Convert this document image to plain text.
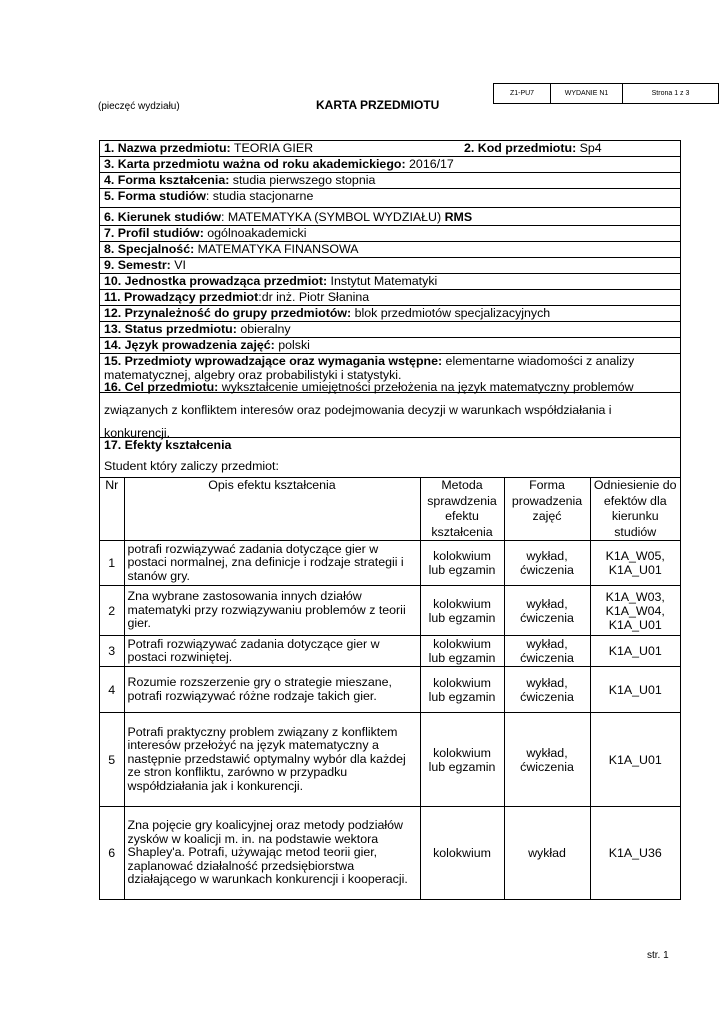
Z1-PU7	WYDANIE N1	Strona 1 z 3
(pieczęć wydziału)	KARTA PRZEDMIOTU
1. Nazwa przedmiotu: TEORIA GIER	2. Kod przedmiotu: Sp4
3. Karta przedmiotu ważna od roku akademickiego: 2016/17
4. Forma kształcenia: studia pierwszego stopnia
5. Forma studiów: studia stacjonarne
6. Kierunek studiów: MATEMATYKA (SYMBOL WYDZIAŁU) RMS
7. Profil studiów: ogólnoakademicki
8. Specjalność: MATEMATYKA FINANSOWA
9. Semestr: VI
10. Jednostka prowadząca przedmiot: Instytut Matematyki
11. Prowadzący przedmiot:dr inż. Piotr Słanina
12. Przynależność do grupy przedmiotów: blok przedmiotów specjalizacyjnych
13. Status przedmiotu: obieralny
14. Język prowadzenia zajęć: polski
15. Przedmioty wprowadzające oraz wymagania wstępne: elementarne wiadomości z analizy matematycznej, algebry oraz probabilistyki i statystyki.
16. Cel przedmiotu: wykształcenie umiejętności przełożenia na język matematyczny problemów związanych z konfliktem interesów oraz podejmowania decyzji w warunkach współdziałania i konkurencji.
17. Efekty kształcenia
Student który zaliczy przedmiot:
Nr	Opis efektu kształcenia	Metoda sprawdzenia efektu kształcenia	Forma prowadzenia zajęć	Odniesienie do efektów dla kierunku studiów
1	potrafi rozwiązywać zadania dotyczące gier w postaci normalnej, zna definicje i rodzaje strategii i stanów gry.	kolokwium lub egzamin	wykład, ćwiczenia	K1A_W05, K1A_U01
2	Zna wybrane zastosowania innych działów matematyki przy rozwiązywaniu problemów z teorii gier.	kolokwium lub egzamin	wykład, ćwiczenia	K1A_W03, K1A_W04, K1A_U01
3	Potrafi rozwiązywać zadania dotyczące gier w postaci rozwiniętej.	kolokwium lub egzamin	wykład, ćwiczenia	K1A_U01
4	Rozumie rozszerzenie gry o strategie mieszane, potrafi rozwiązywać różne rodzaje takich gier.	kolokwium lub egzamin	wykład, ćwiczenia	K1A_U01
5	Potrafi praktyczny problem związany z konfliktem interesów przełożyć na język matematyczny a następnie przedstawić optymalny wybór dla każdej ze stron konfliktu, zarówno w przypadku współdziałania jak i konkurencji.	kolokwium lub egzamin	wykład, ćwiczenia	K1A_U01
6	Zna pojęcie gry koalicyjnej oraz metody podziałów zysków w koalicji m. in. na podstawie wektora Shapley'a. Potrafi, używając metod teorii gier, zaplanować działalność przedsiębiorstwa działającego w warunkach konkurencji i kooperacji.	kolokwium	wykład	K1A_U36
str. 1
